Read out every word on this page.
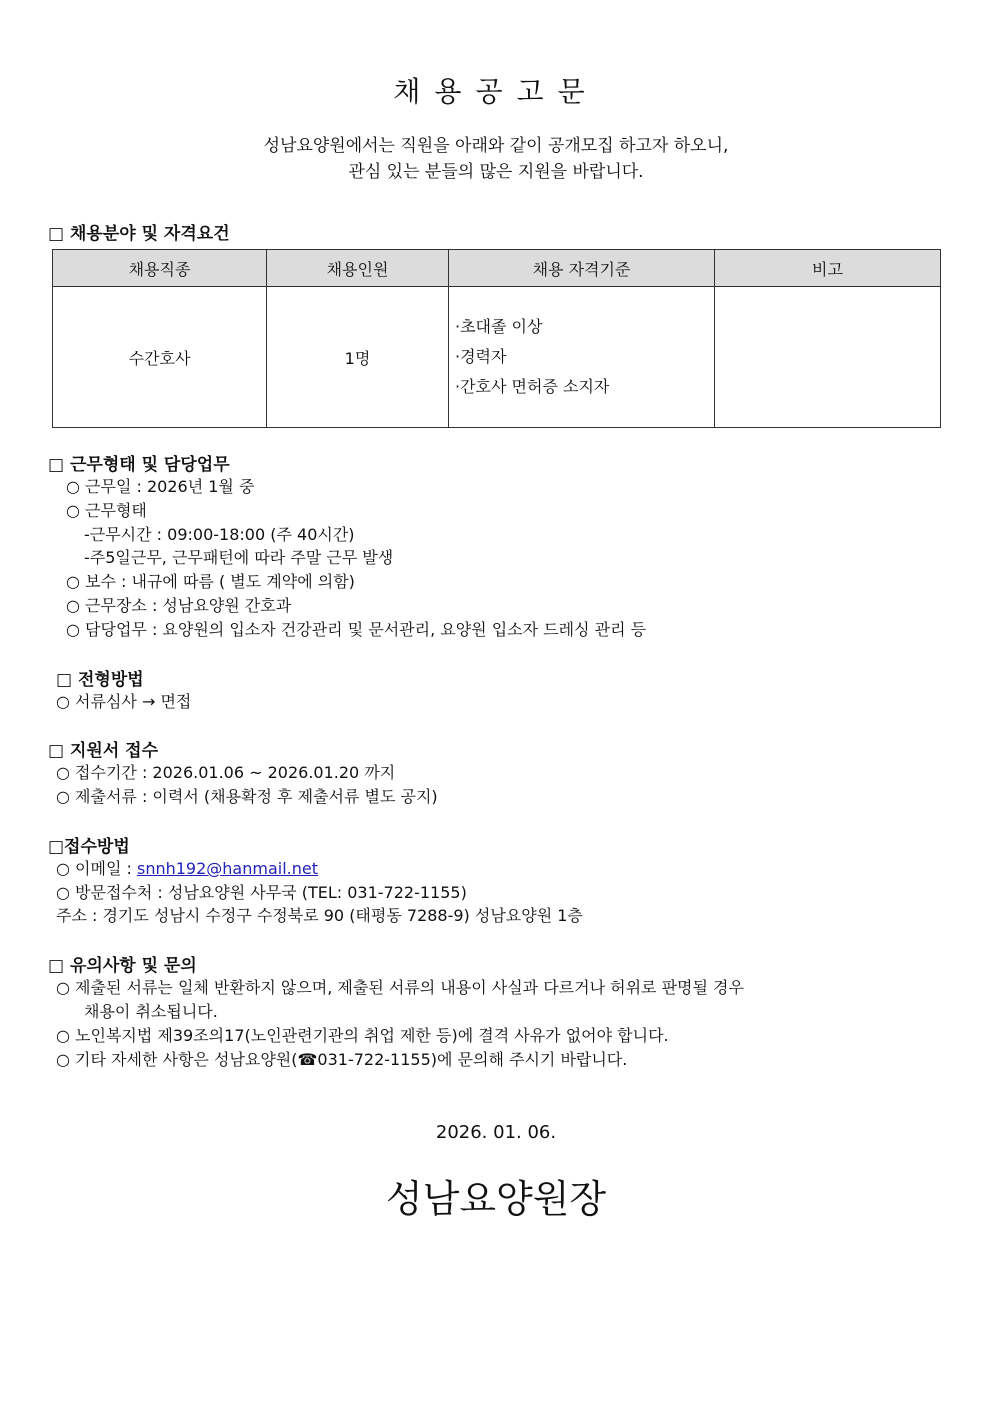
채용공고문
성남요양원에서는 직원을 아래와 같이 공개모집 하고자 하오니,
관심 있는 분들의 많은 지원을 바랍니다.
□ 채용분야 및 자격요건
채용직종	채용인원	채용 자격기준	비고
수간호사	1명	·초대졸 이상
·경력자
·간호사 면허증 소지자	

□ 근무형태 및 담당업무
○ 근무일 : 2026년 1월 중
○ 근무형태
-근무시간 : 09:00-18:00 (주 40시간)
-주5일근무, 근무패턴에 따라 주말 근무 발생
○ 보수 : 내규에 따름 ( 별도 계약에 의함)
○ 근무장소 : 성남요양원 간호과
○ 담당업무 : 요양원의 입소자 건강관리 및 문서관리, 요양원 입소자 드레싱 관리 등
□ 전형방법
○ 서류심사 → 면접
□ 지원서 접수
○ 접수기간 : 2026.01.06 ~ 2026.01.20 까지
○ 제출서류 : 이력서 (채용확정 후 제출서류 별도 공지)
□접수방법
○ 이메일 : snnh192@hanmail.net
○ 방문접수처 : 성남요양원 사무국 (TEL: 031-722-1155)
주소 : 경기도 성남시 수정구 수정북로 90 (태평동 7288-9) 성남요양원 1층
□ 유의사항 및 문의
○ 제출된 서류는 일체 반환하지 않으며, 제출된 서류의 내용이 사실과 다르거나 허위로 판명될 경우
채용이 취소됩니다.
○ 노인복지법 제39조의17(노인관련기관의 취업 제한 등)에 결격 사유가 없어야 합니다.
○ 기타 자세한 사항은 성남요양원(☎031-722-1155)에 문의해 주시기 바랍니다.
2026. 01. 06.
성남요양원장
